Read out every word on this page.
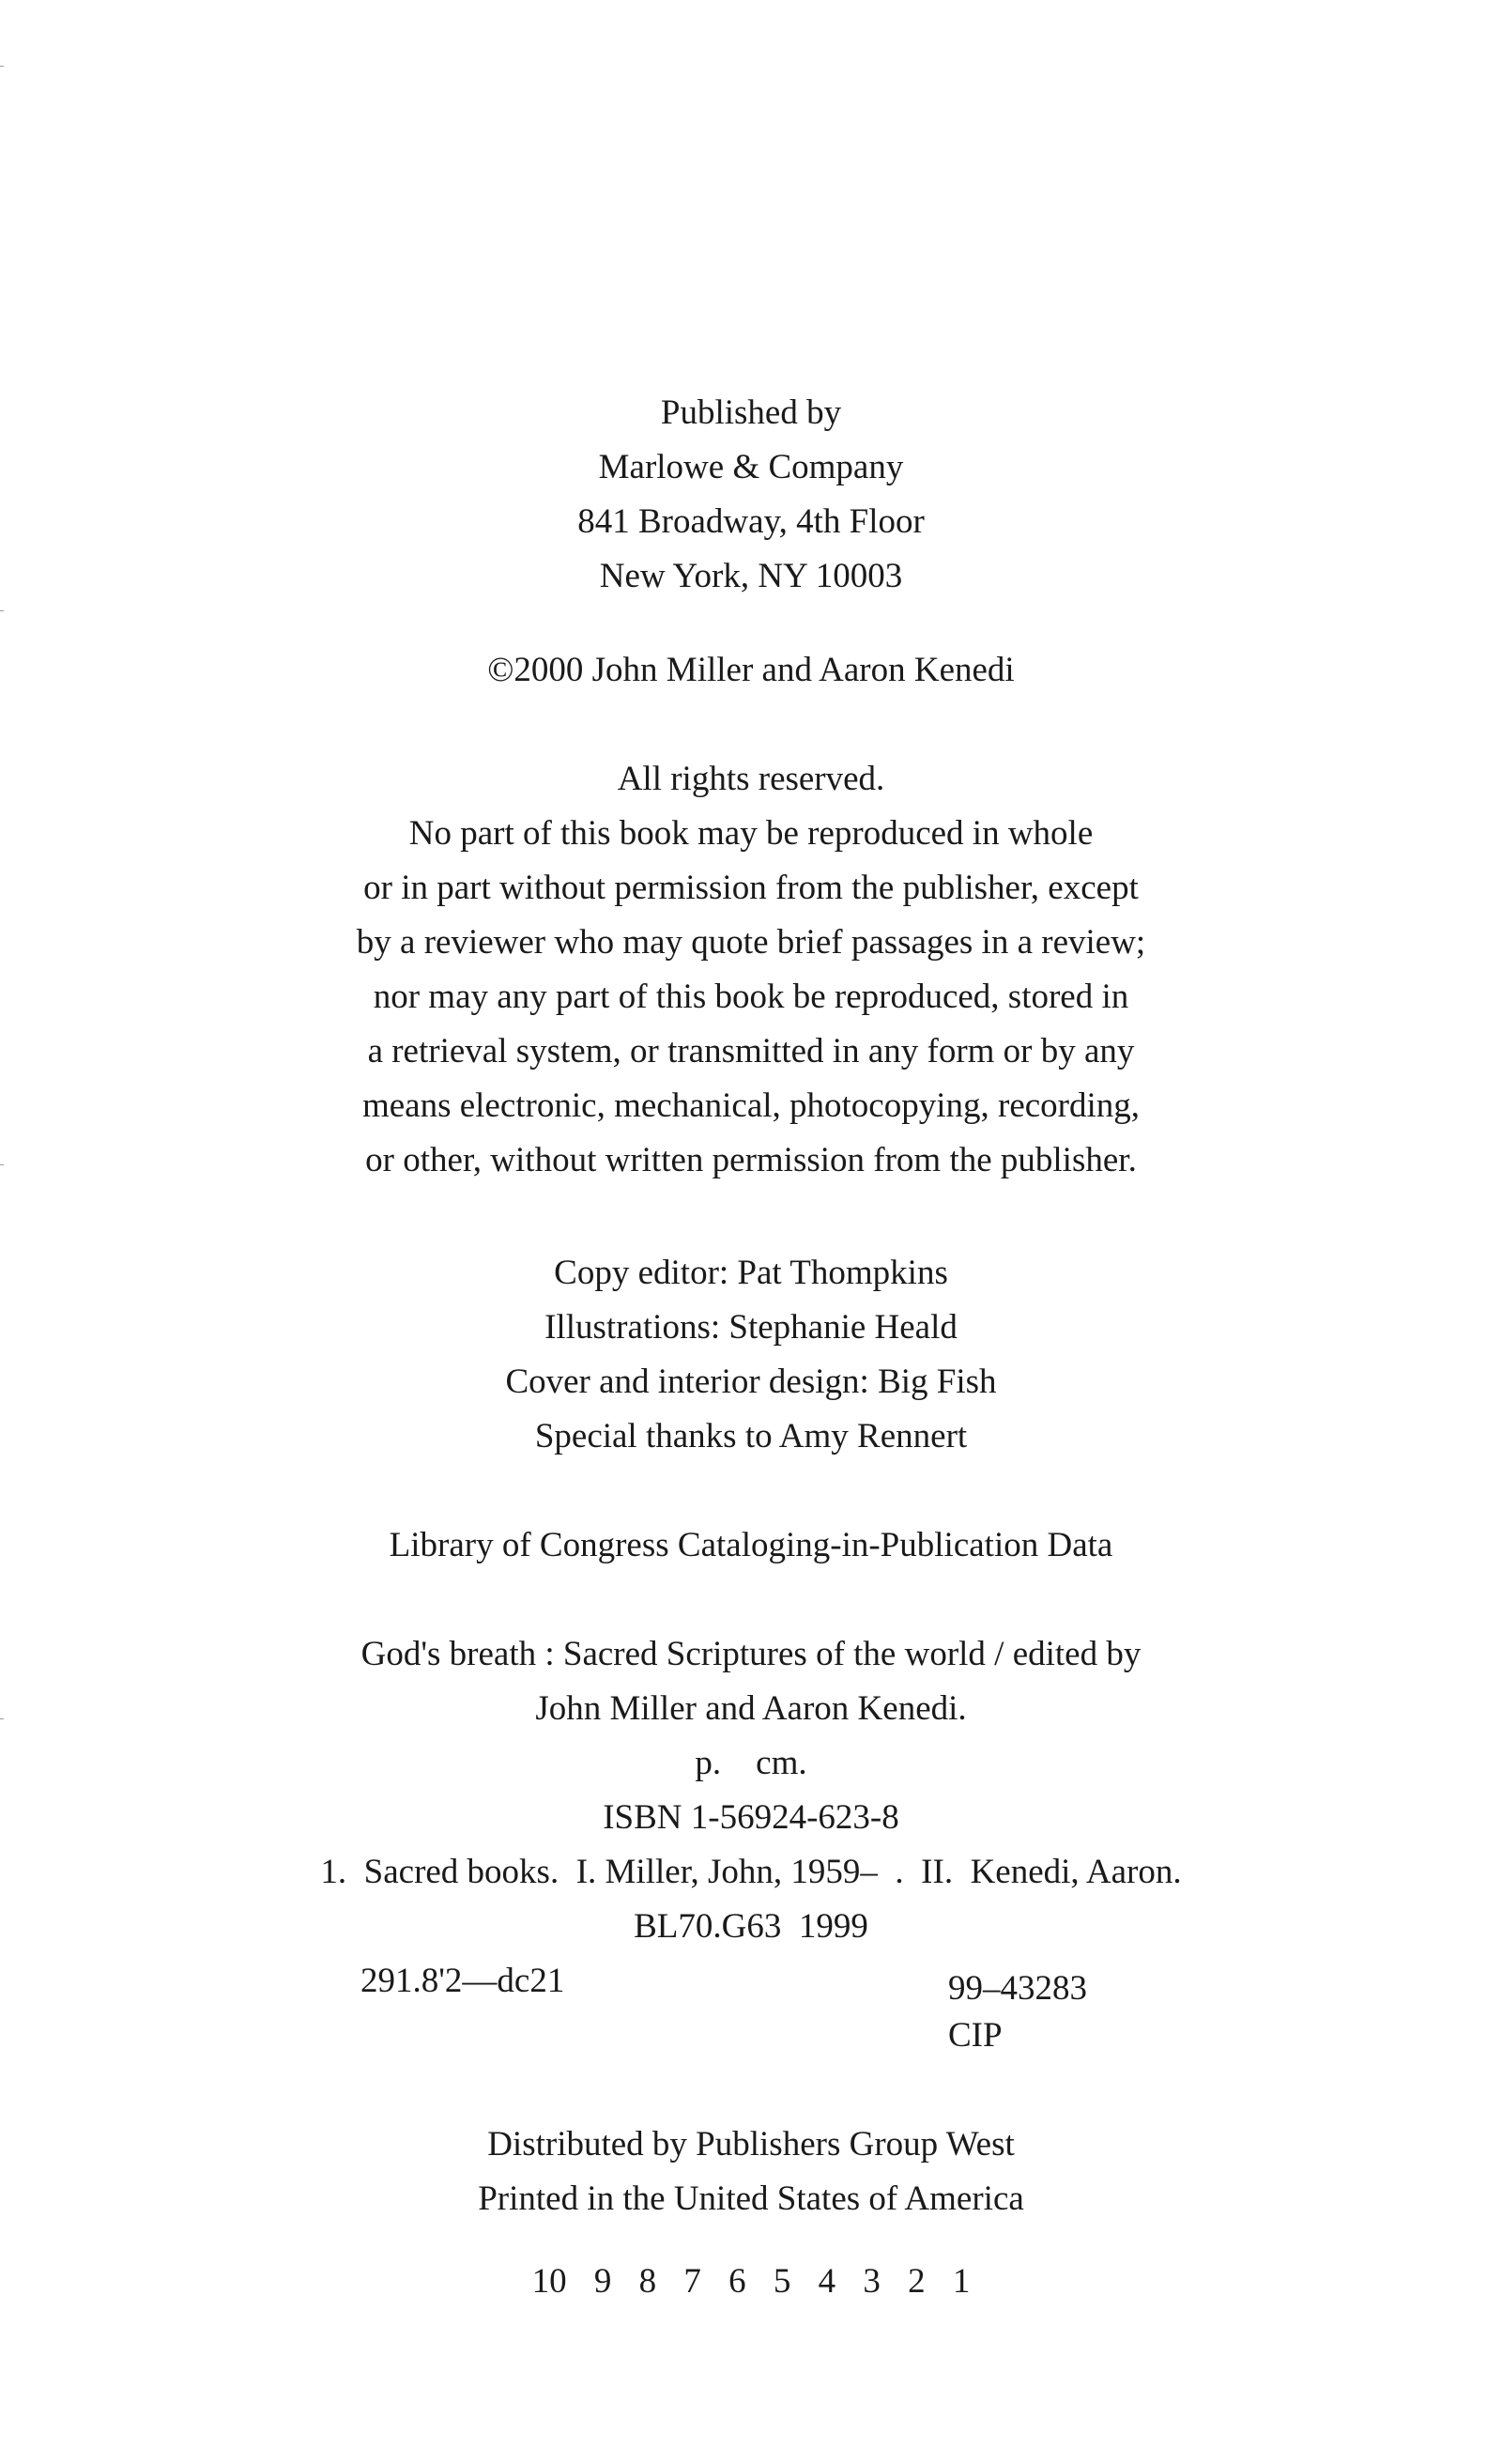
Published by
Marlowe & Company
841 Broadway, 4th Floor
New York, NY 10003
©2000 John Miller and Aaron Kenedi
All rights reserved.
No part of this book may be reproduced in whole
or in part without permission from the publisher, except
by a reviewer who may quote brief passages in a review;
nor may any part of this book be reproduced, stored in
a retrieval system, or transmitted in any form or by any
means electronic, mechanical, photocopying, recording,
or other, without written permission from the publisher.
Copy editor: Pat Thompkins
Illustrations: Stephanie Heald
Cover and interior design: Big Fish
Special thanks to Amy Rennert
Library of Congress Cataloging-in-Publication Data
God's breath : Sacred Scriptures of the world / edited by
John Miller and Aaron Kenedi.
p.    cm.
ISBN 1-56924-623-8
1.  Sacred books.  I. Miller, John, 1959–  .  II.  Kenedi, Aaron.
BL70.G63  1999
291.8'2—dc21	99–43283
CIP
Distributed by Publishers Group West
Printed in the United States of America
10 9 8 7 6 5 4 3 2 1
